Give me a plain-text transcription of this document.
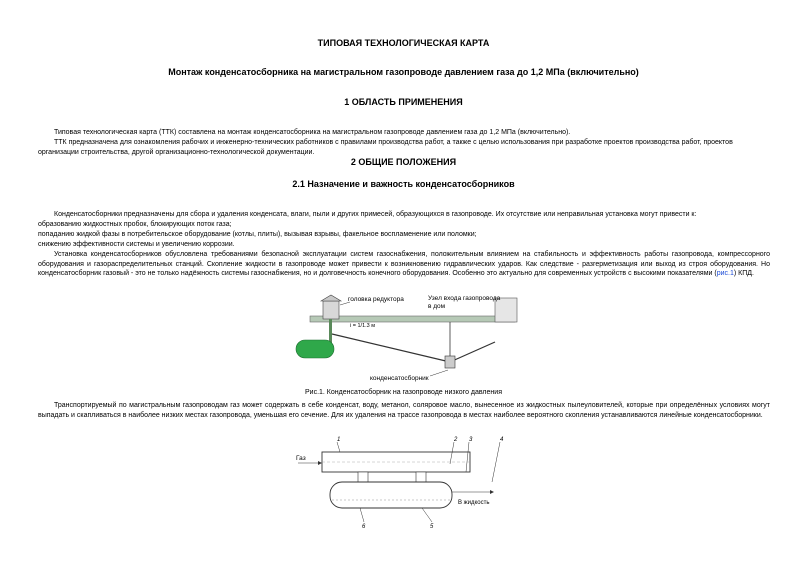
ТИПОВАЯ ТЕХНОЛОГИЧЕСКАЯ КАРТА
Монтаж конденсатосборника на магистральном газопроводе давлением газа до 1,2 МПа (включительно)
1 ОБЛАСТЬ ПРИМЕНЕНИЯ
Типовая технологическая карта (ТТК) составлена на монтаж конденсатосборника на магистральном газопроводе давлением газа до 1,2 МПа (включительно).
ТТК предназначена для ознакомления рабочих и инженерно-технических работников с правилами производства работ, а также с целью использования при разработке проектов производства работ, проектов организации строительства, другой организационно-технологической документации.
2 ОБЩИЕ ПОЛОЖЕНИЯ
2.1 Назначение и важность конденсатосборников
Конденсатосборники предназначены для сбора и удаления конденсата, влаги, пыли и других примесей, образующихся в газопроводе. Их отсутствие или неправильная установка могут привести к:
образованию жидкостных пробок, блокирующих поток газа;
попаданию жидкой фазы в потребительское оборудование (котлы, плиты), вызывая взрывы, факельное воспламенение или поломки;
снижению эффективности системы и увеличению коррозии.
Установка конденсатосборников обусловлена требованиями безопасной эксплуатации систем газоснабжения, положительным влиянием на стабильность и эффективность работы газопровода, компрессорного оборудования и газораспределительных станций. Скопление жидкости в газопроводе может привести к возникновению гидравлических ударов. Как следствие - разгерметизация или выход из строя оборудования. Но конденсатосборник газовый - это не только надёжность системы газоснабжения, но и долговечность конечного оборудования. Особенно это актуально для современных устройств с высокими показателями (рис.1) КПД.
головка редуктора	Узел входа газопровода
в дом
i = 1/1.3 м
конденсатосборник
Рис.1. Конденсатосборник на газопроводе низкого давления
Транспортируемый по магистральным газопроводам газ может содержать в себе конденсат, воду, метанол, соляровое масло, вынесенное из жидкостных пылеуловителей, которые при определённых условиях могут выпадать и скапливаться в наиболее низких местах газопровода, уменьшая его сечение. Для их удаления на трассе газопровода в местах наиболее вероятного скопления устанавливаются линейные конденсатосборники.
1	2 3	4
Газ
В жидкость
6	5
